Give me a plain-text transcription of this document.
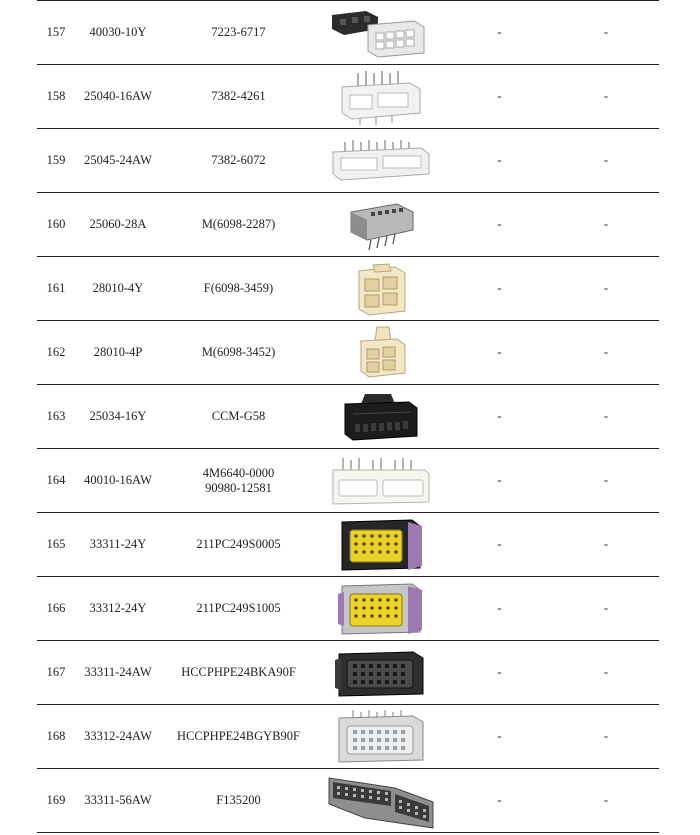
157	40030-10Y	7223-6717		-	-
158	25040-16AW	7382-4261		-	-
159	25045-24AW	7382-6072		-	-
160	25060-28A	M(6098-2287)		-	-
161	28010-4Y	F(6098-3459)		-	-
162	28010-4P	M(6098-3452)		-	-
163	25034-16Y	CCM-G58		-	-
164	40010-16AW	4M6640-0000
90980-12581		-	-
165	33311-24Y	211PC249S0005		-	-
166	33312-24Y	211PC249S1005		-	-
167	33311-24AW	HCCPHPE24BKA90F		-	-
168	33312-24AW	HCCPHPE24BGYB90F		-	-
169	33311-56AW	F135200		-	-
